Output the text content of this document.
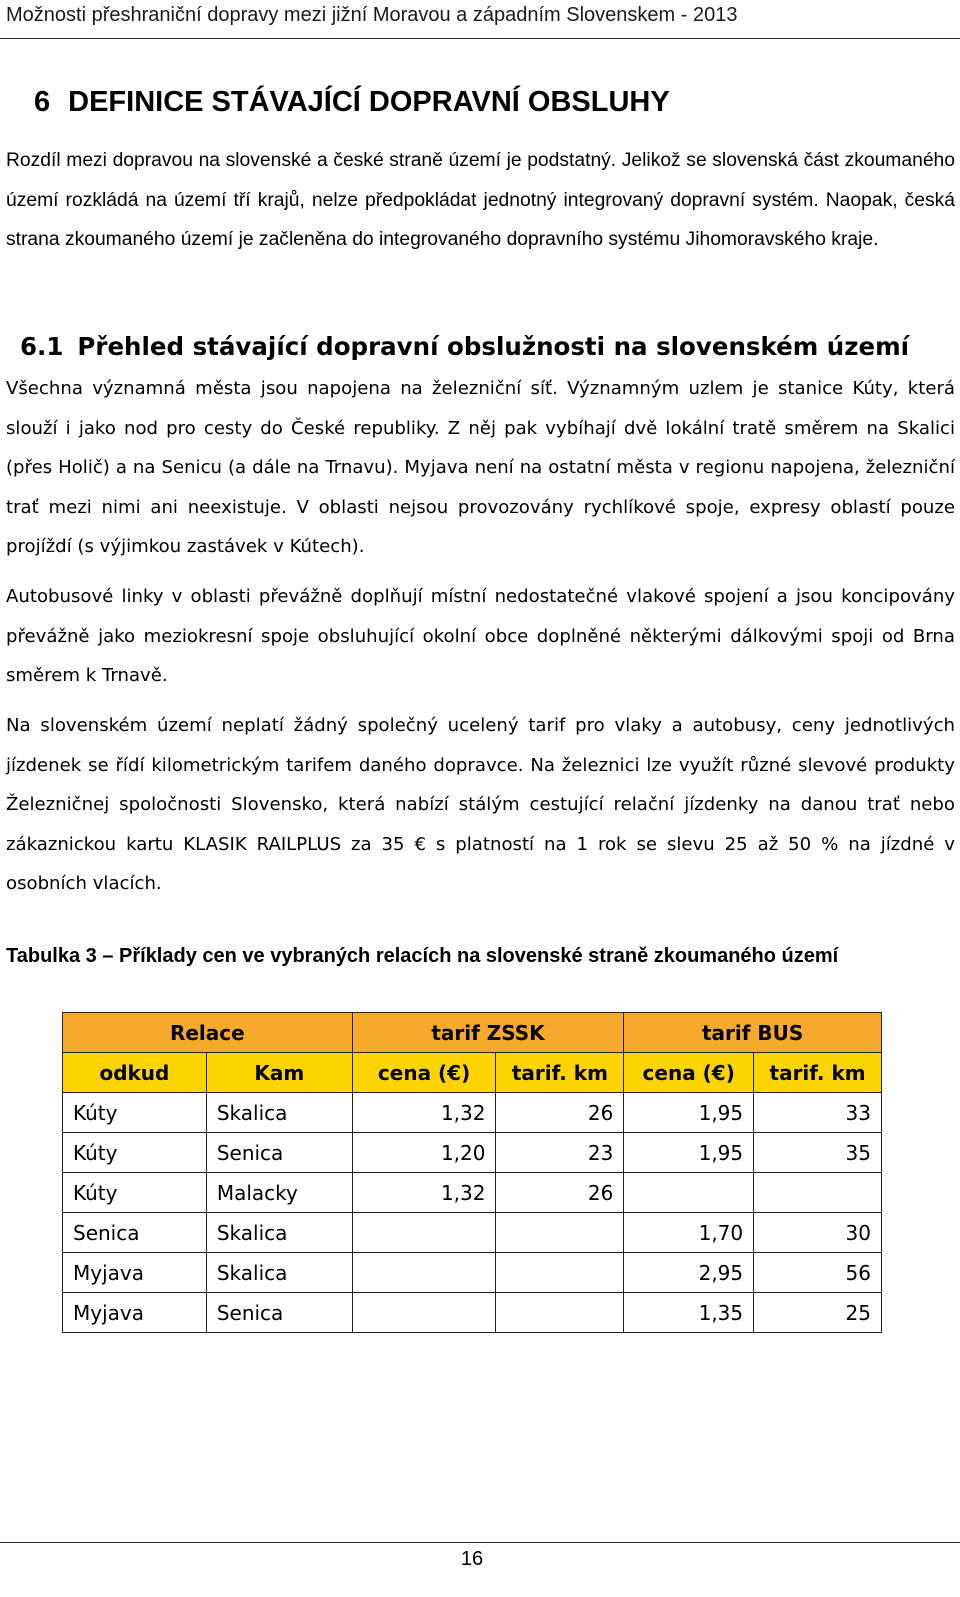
Možnosti přeshraniční dopravy mezi jižní Moravou a západním Slovenskem - 2013
6 DEFINICE STÁVAJÍCÍ DOPRAVNÍ OBSLUHY

Rozdíl mezi dopravou na slovenské a české straně území je podstatný. Jelikož se slovenská část zkoumaného území rozkládá na území tří krajů, nelze předpokládat jednotný integrovaný dopravní systém. Naopak, česká strana zkoumaného území je začleněna do integrovaného dopravního systému Jihomoravského kraje.

6.1 Přehled stávající dopravní obslužnosti na slovenském území

Všechna významná města jsou napojena na železniční síť. Významným uzlem je stanice Kúty, která slouží i jako nod pro cesty do České republiky. Z něj pak vybíhají dvě lokální tratě směrem na Skalici (přes Holič) a na Senicu (a dále na Trnavu). Myjava není na ostatní města v regionu napojena, železniční trať mezi nimi ani neexistuje. V oblasti nejsou provozovány rychlíkové spoje, expresy oblastí pouze projíždí (s výjimkou zastávek v Kútech).

Autobusové linky v oblasti převážně doplňují místní nedostatečné vlakové spojení a jsou koncipovány převážně jako meziokresní spoje obsluhující okolní obce doplněné některými dálkovými spoji od Brna směrem k Trnavě.

Na slovenském území neplatí žádný společný ucelený tarif pro vlaky a autobusy, ceny jednotlivých jízdenek se řídí kilometrickým tarifem daného dopravce. Na železnici lze využít různé slevové produkty Železničnej spoločnosti Slovensko, která nabízí stálým cestující relační jízdenky na danou trať nebo zákaznickou kartu KLASIK RAILPLUS za 35 € s platností na 1 rok se slevu 25 až 50 % na jízdné v osobních vlacích.

Tabulka 3 – Příklady cen ve vybraných relacích na slovenské straně zkoumaného území

Relace		tarif ZSSK		tarif BUS	
odkud	Kam	cena (€)	tarif. km	cena (€)	tarif. km
Kúty	Skalica	1,32	26	1,95	33
Kúty	Senica	1,20	23	1,95	35
Kúty	Malacky	1,32	26		
Senica	Skalica			1,70	30
Myjava	Skalica			2,95	56
Myjava	Senica			1,35	25
16
